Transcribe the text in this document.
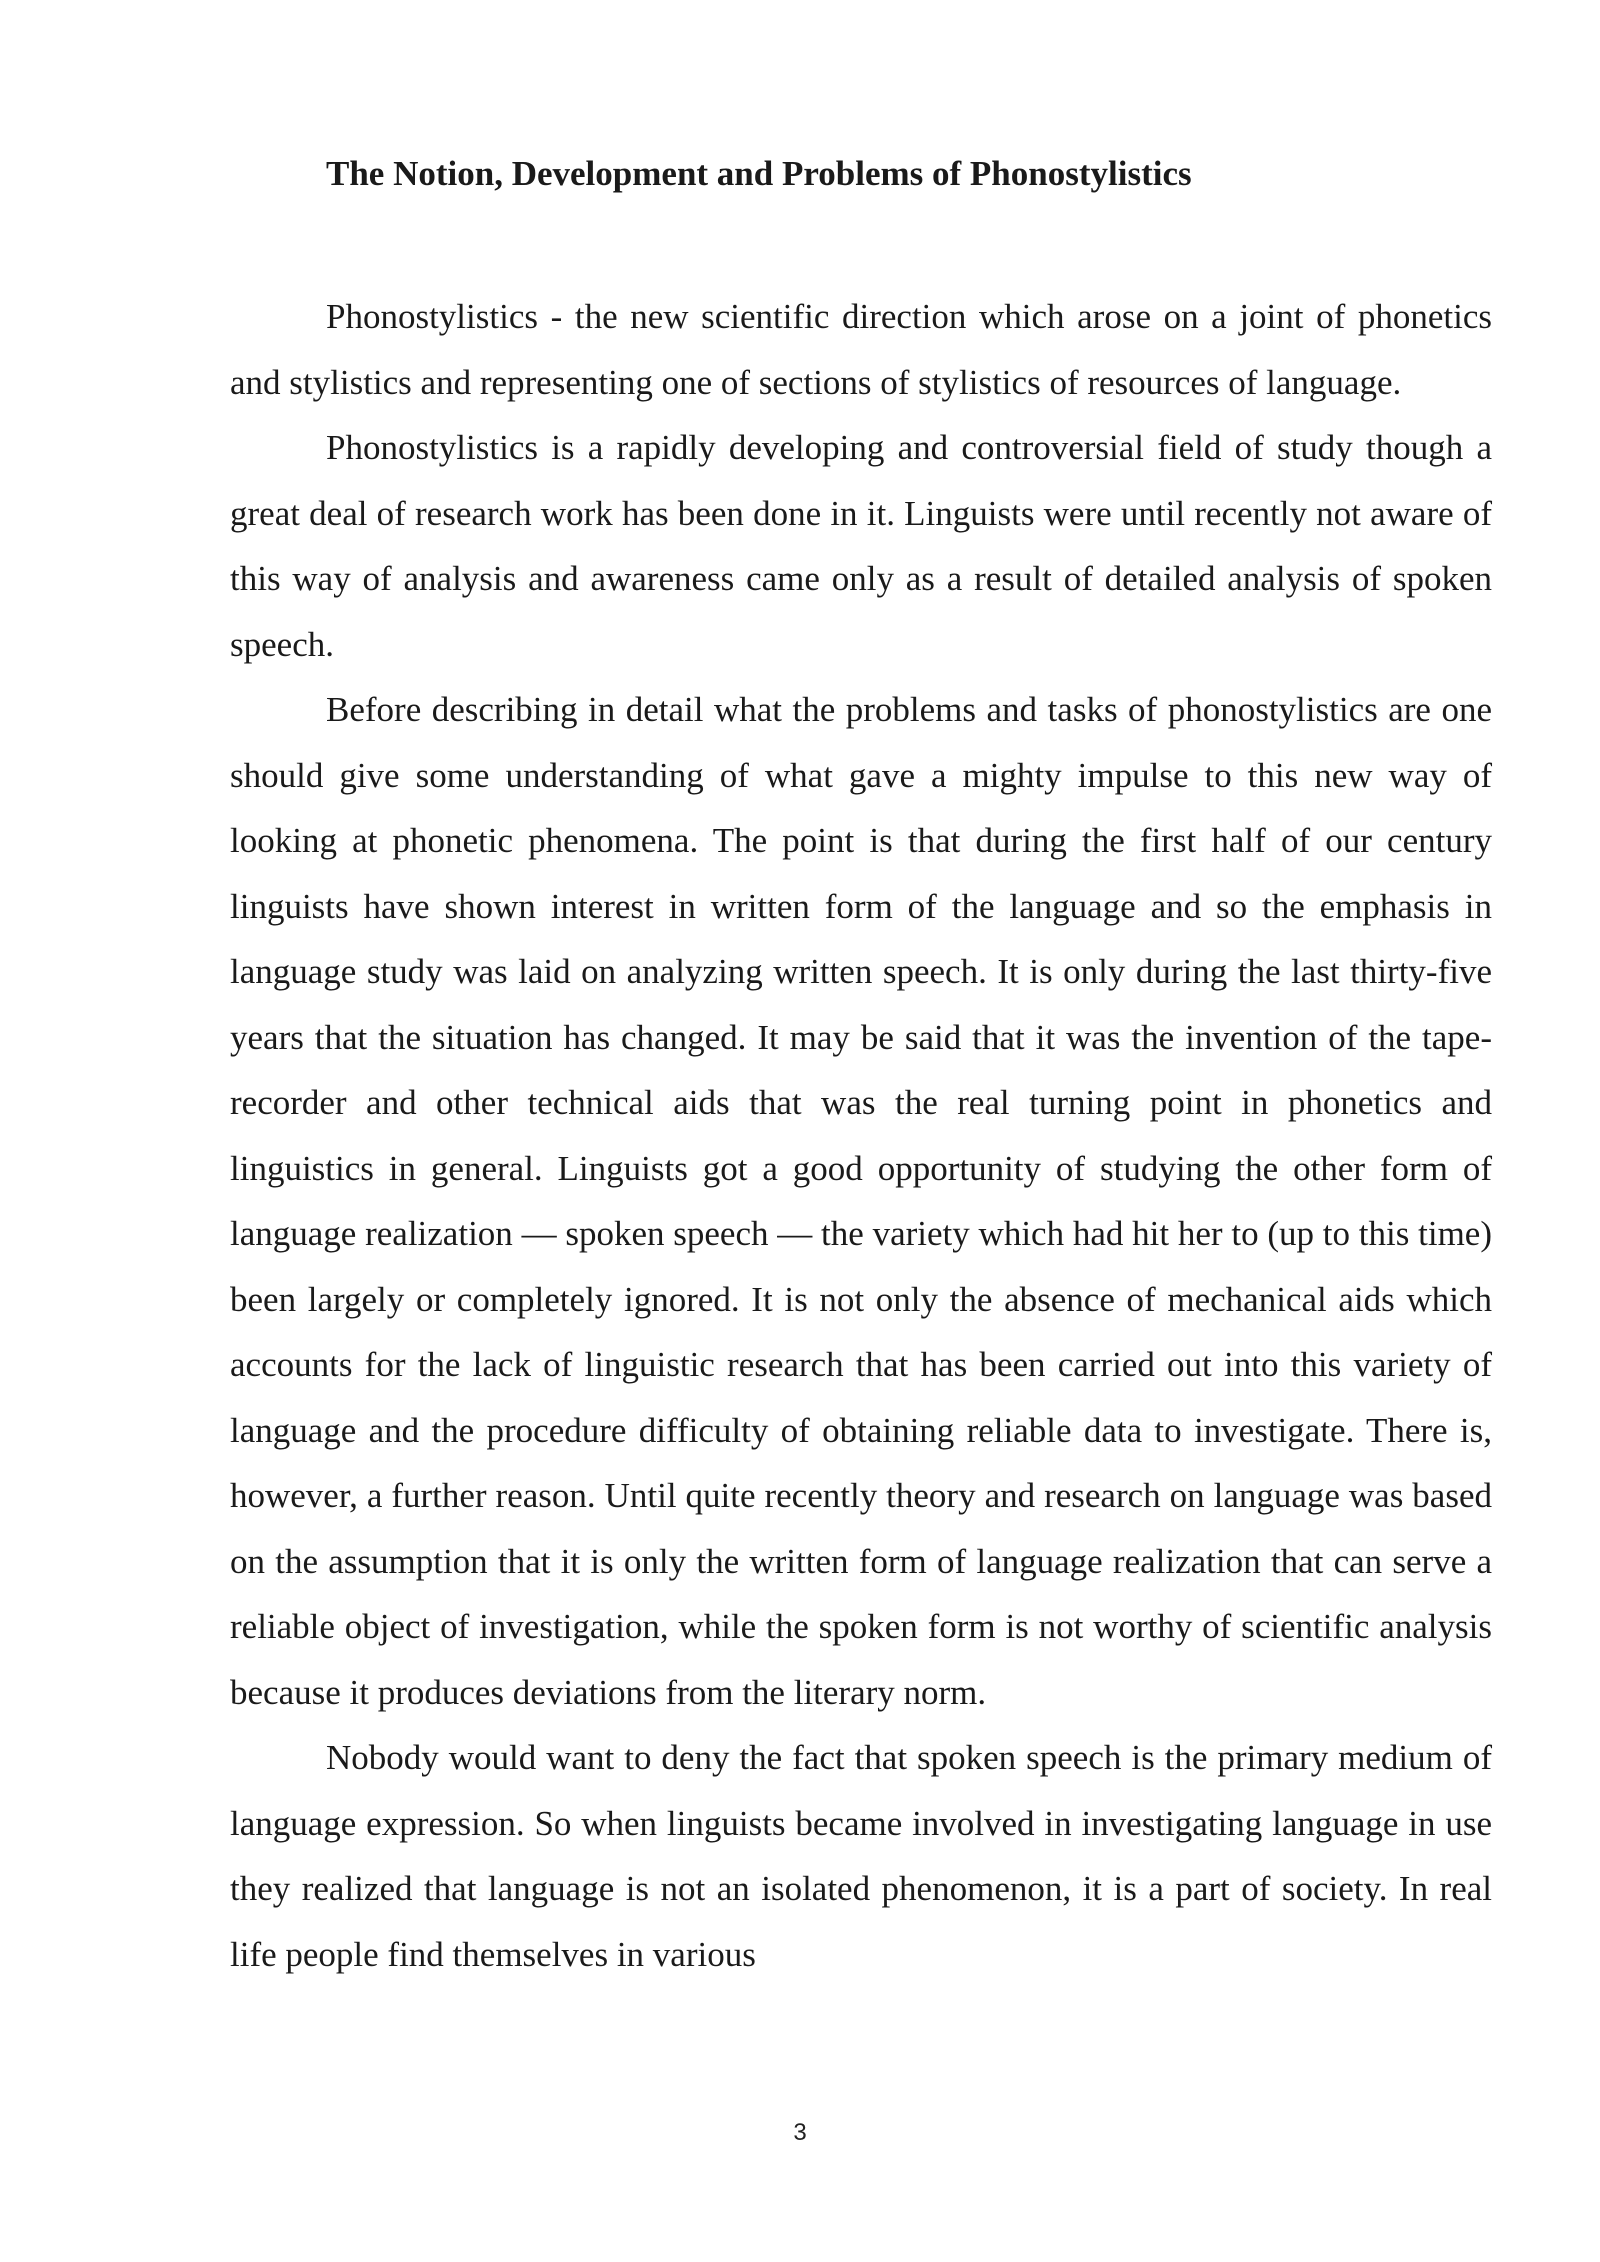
The Notion, Development and Problems of Phonostylistics

Phonostylistics - the new scientific direction which arose on a joint of phonetics and stylistics and representing one of sections of stylistics of resources of language.

Phonostylistics is a rapidly developing and controversial field of study though a great deal of research work has been done in it. Linguists were until recently not aware of this way of analysis and awareness came only as a result of detailed analysis of spoken speech.

Before describing in detail what the problems and tasks of phonostylistics are one should give some understanding of what gave a mighty impulse to this new way of looking at phonetic phenomena. The point is that during the first half of our century linguists have shown interest in written form of the language and so the emphasis in language study was laid on analyzing written speech. It is only during the last thirty-five years that the situation has changed. It may be said that it was the invention of the tape-recorder and other technical aids that was the real turning point in phonetics and linguistics in general. Linguists got a good opportunity of studying the other form of language realization — spoken speech — the variety which had hit her to (up to this time) been largely or completely ignored. It is not only the absence of mechanical aids which accounts for the lack of linguistic research that has been carried out into this variety of language and the procedure difficulty of obtaining reliable data to investigate. There is, however, a further reason. Until quite recently theory and research on language was based on the assumption that it is only the written form of language realization that can serve a reliable object of investigation, while the spoken form is not worthy of scientific analysis because it produces deviations from the literary norm.

Nobody would want to deny the fact that spoken speech is the primary medium of language expression. So when linguists became involved in investigating language in use they realized that language is not an isolated phenomenon, it is a part of society. In real life people find themselves in various

3
